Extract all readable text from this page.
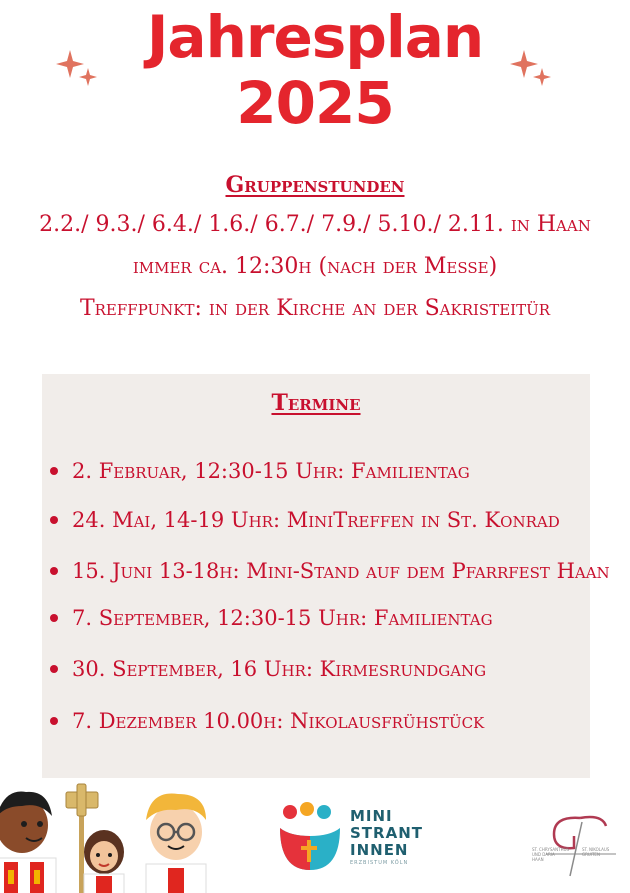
Jahresplan
2025
Gruppenstunden
2.2./ 9.3./ 6.4./ 1.6./ 6.7./ 7.9./ 5.10./ 2.11. in Haan
immer ca. 12:30h (nach der Messe)
Treffpunkt: in der Kirche an der Sakristeitür
Termine
2. Februar, 12:30-15 Uhr: Familientag
24. Mai, 14-19 Uhr: MiniTreffen in St. Konrad
15. Juni 13-18h: Mini-Stand auf dem Pfarrfest Haan
7. September, 12:30-15 Uhr: Familientag
30. September, 16 Uhr: Kirmesrundgang
7. Dezember 10.00h: Nikolausfrühstück
MINI
STRANT
INNEN
ERZBISTUM KÖLN
ST. CHRYSANTHUS UND DARIA
HAAN
ST. NIKOLAUS
GRUITEN
